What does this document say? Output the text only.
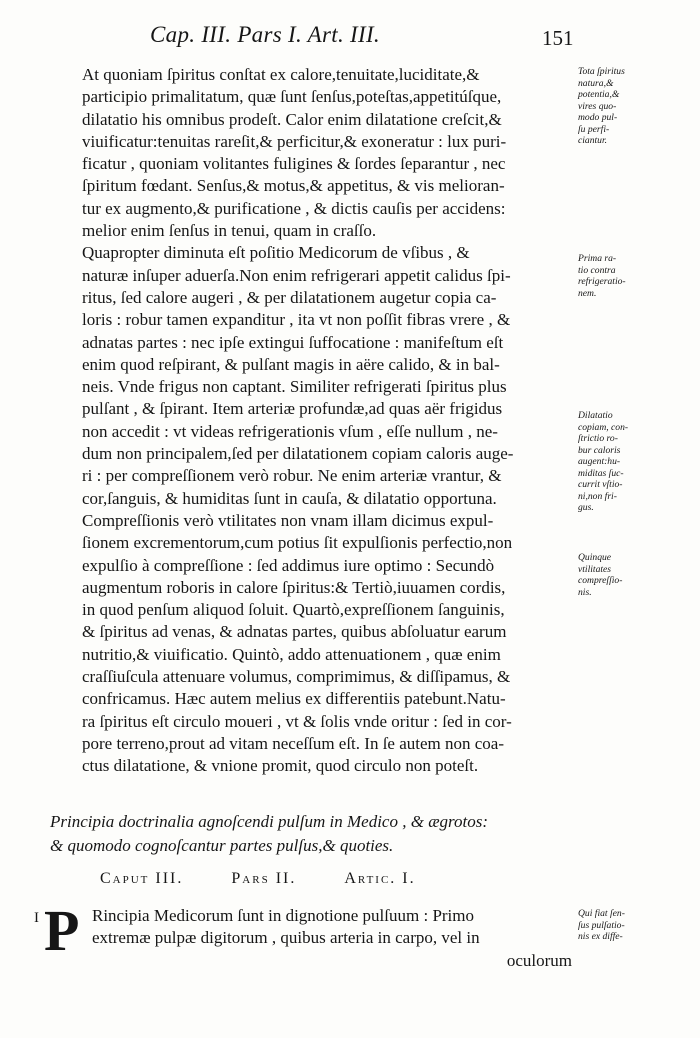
Cap. III. Pars I. Art. III.	151
At quoniam ſpiritus conſtat ex calore,tenuitate,luciditate,&
participio primalitatum, quæ ſunt ſenſus,poteſtas,appetitúſque,
dilatatio his omnibus prodeſt. Calor enim dilatatione creſcit,&
viuificatur:tenuitas rareſit,& perficitur,& exoneratur : lux puri-
ficatur , quoniam volitantes fuligines & ſordes ſeparantur , nec
ſpiritum fœdant. Senſus,& motus,& appetitus, & vis melioran-
tur ex augmento,& purificatione , & dictis cauſis per accidens:
melior enim ſenſus in tenui, quam in craſſo.
Quapropter diminuta eſt poſitio Medicorum de vſibus , &
naturæ inſuper aduerſa.Non enim refrigerari appetit calidus ſpi-
ritus, ſed calore augeri , & per dilatationem augetur copia ca-
loris : robur tamen expanditur , ita vt non poſſit fibras vrere , &
adnatas partes : nec ipſe extingui ſuffocatione : manifeſtum eſt
enim quod reſpirant, & pulſant magis in aëre calido, & in bal-
neis. Vnde frigus non captant. Similiter refrigerati ſpiritus plus
pulſant , & ſpirant. Item arteriæ profundæ,ad quas aër frigidus
non accedit : vt videas refrigerationis vſum , eſſe nullum , ne-
dum non principalem,ſed per dilatationem copiam caloris auge-
ri : per compreſſionem verò robur. Ne enim arteriæ vrantur, &
cor,ſanguis, & humiditas ſunt in cauſa, & dilatatio opportuna.
Compreſſionis verò vtilitates non vnam illam dicimus expul-
ſionem excrementorum,cum potius ſit expulſionis perfectio,non
expulſio à compreſſione : ſed addimus iure optimo : Secundò
augmentum roboris in calore ſpiritus:& Tertiò,iuuamen cordis,
in quod penſum aliquod ſoluit. Quartò,expreſſionem ſanguinis,
& ſpiritus ad venas, & adnatas partes, quibus abſoluatur earum
nutritio,& viuificatio. Quintò, addo attenuationem , quæ enim
craſſiuſcula attenuare volumus, comprimimus, & diſſipamus, &
confricamus. Hæc autem melius ex differentiis patebunt.Natu-
ra ſpiritus eſt circulo moueri , vt & ſolis vnde oritur : ſed in cor-
pore terreno,prout ad vitam neceſſum eſt. In ſe autem non coa-
ctus dilatatione, & vnione promit, quod circulo non poteſt.
Tota ſpiritus
natura,&
potentia,&
vires quo-
modo pul-
ſu perfi-
ciantur.
Prima ra-
tio contra
refrigeratio-
nem.
Dilatatio
copiam, con-
ſtrictio ro-
bur caloris
augent:hu-
miditas ſuc-
currit vſtio-
ni,non fri-
gus.
Quinque
vtilitates
compreſſio-
nis.
Principia doctrinalia agnoſcendi pulſum in Medico , & ægrotos:
& quomodo cognoſcantur partes pulſus,& quoties.
Caput III.	Pars II.	Artic. I.
I P Rincipia Medicorum ſunt in dignotione pulſuum : Primo
extremæ pulpæ digitorum , quibus arteria in carpo, vel in
oculorum
Qui fiat ſen-
ſus pulſatio-
nis ex diffe-
